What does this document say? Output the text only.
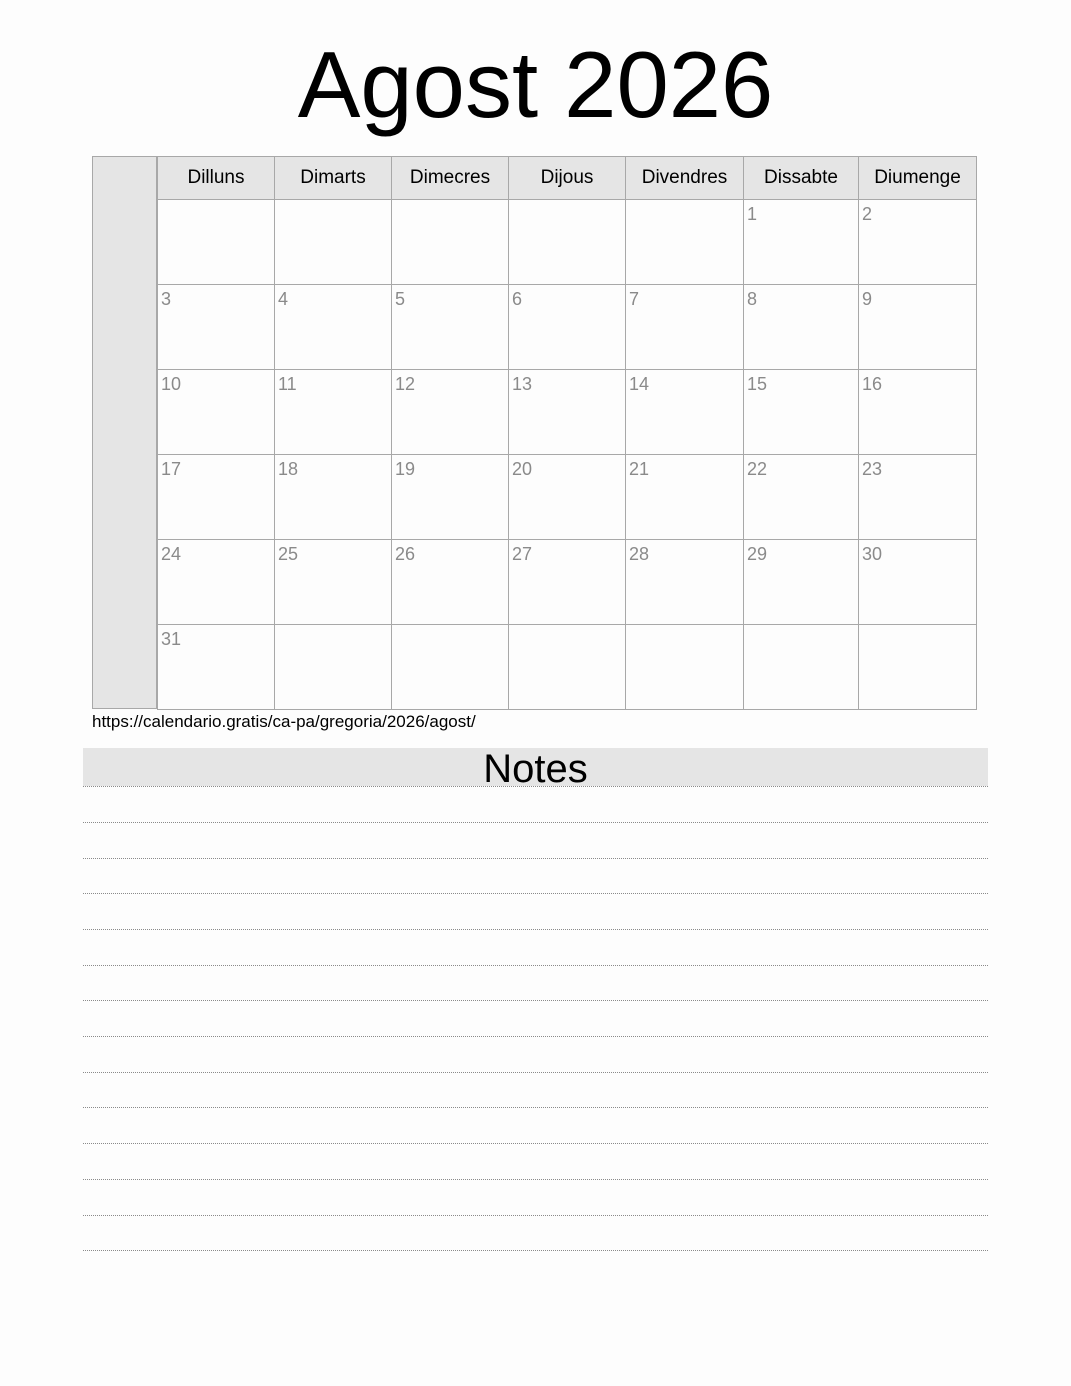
Agost 2026
Dilluns	Dimarts	Dimecres	Dijous	Divendres	Dissabte	Diumenge

					1	2

3	4	5	6	7	8	9

10	11	12	13	14	15	16

17	18	19	20	21	22	23

24	25	26	27	28	29	30

31						

https://calendario.gratis/ca-pa/gregoria/2026/agost/
Notes
